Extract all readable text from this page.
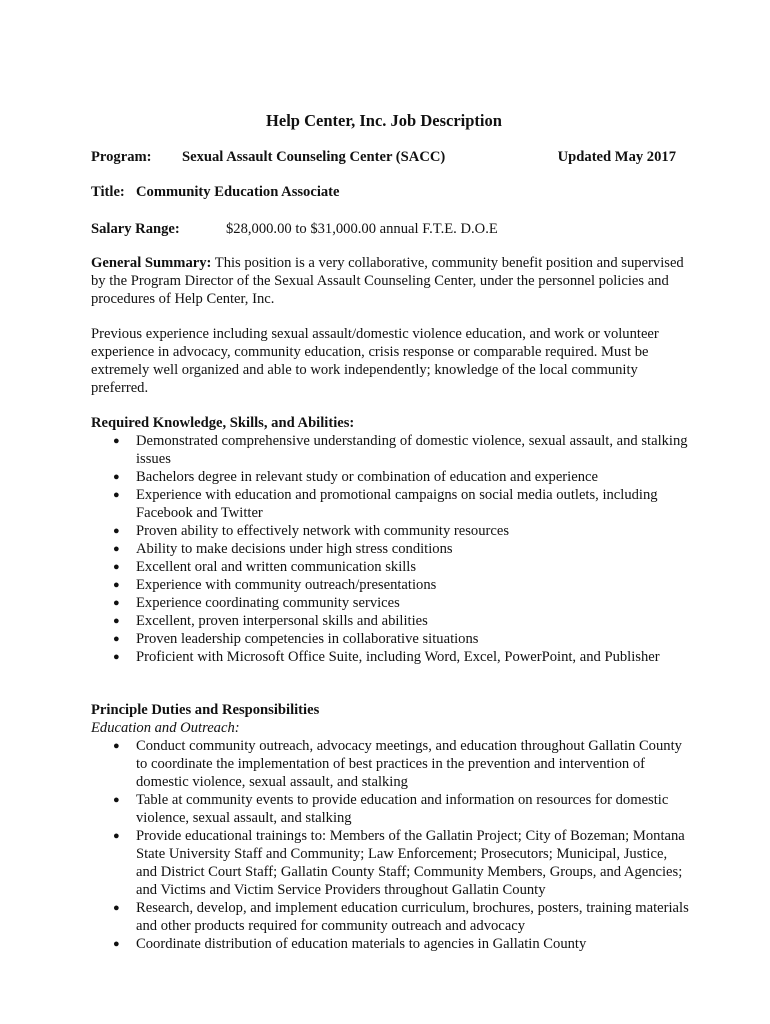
Help Center, Inc. Job Description
Program:	Sexual Assault Counseling Center (SACC)	Updated May 2017
Title: Community Education Associate
Salary Range:	$28,000.00 to $31,000.00 annual F.T.E. D.O.E

General Summary: This position is a very collaborative, community benefit position and supervised by the Program Director of the Sexual Assault Counseling Center, under the personnel policies and procedures of Help Center, Inc.

Previous experience including sexual assault/domestic violence education, and work or volunteer experience in advocacy, community education, crisis response or comparable required. Must be extremely well organized and able to work independently; knowledge of the local community preferred.

Required Knowledge, Skills, and Abilities:
● Demonstrated comprehensive understanding of domestic violence, sexual assault, and stalking issues
● Bachelors degree in relevant study or combination of education and experience
● Experience with education and promotional campaigns on social media outlets, including Facebook and Twitter
● Proven ability to effectively network with community resources
● Ability to make decisions under high stress conditions
● Excellent oral and written communication skills
● Experience with community outreach/presentations
● Experience coordinating community services
● Excellent, proven interpersonal skills and abilities
● Proven leadership competencies in collaborative situations
● Proficient with Microsoft Office Suite, including Word, Excel, PowerPoint, and Publisher
Principle Duties and Responsibilities
Education and Outreach:
● Conduct community outreach, advocacy meetings, and education throughout Gallatin County to coordinate the implementation of best practices in the prevention and intervention of domestic violence, sexual assault, and stalking
● Table at community events to provide education and information on resources for domestic violence, sexual assault, and stalking
● Provide educational trainings to: Members of the Gallatin Project; City of Bozeman; Montana State University Staff and Community; Law Enforcement; Prosecutors; Municipal, Justice, and District Court Staff; Gallatin County Staff; Community Members, Groups, and Agencies; and Victims and Victim Service Providers throughout Gallatin County
● Research, develop, and implement education curriculum, brochures, posters, training materials and other products required for community outreach and advocacy
● Coordinate distribution of education materials to agencies in Gallatin County
